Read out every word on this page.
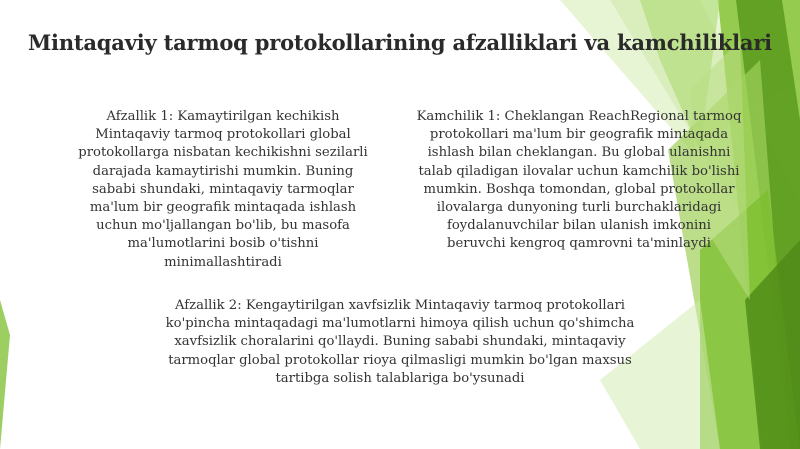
Mintaqaviy tarmoq protokollarining afzalliklari va kamchiliklari
Afzallik 1: Kamaytirilgan kechikish
Mintaqaviy tarmoq protokollari global
protokollarga nisbatan kechikishni sezilarli
darajada kamaytirishi mumkin. Buning
sababi shundaki, mintaqaviy tarmoqlar
ma'lum bir geografik mintaqada ishlash
uchun mo'ljallangan bo'lib, bu masofa
ma'lumotlarini bosib o'tishni
minimallashtiradi
Kamchilik 1: Cheklangan ReachRegional tarmoq
protokollari ma'lum bir geografik mintaqada
ishlash bilan cheklangan. Bu global ulanishni
talab qiladigan ilovalar uchun kamchilik bo'lishi
mumkin. Boshqa tomondan, global protokollar
ilovalarga dunyoning turli burchaklaridagi
foydalanuvchilar bilan ulanish imkonini
beruvchi kengroq qamrovni ta'minlaydi
Afzallik 2: Kengaytirilgan xavfsizlik Mintaqaviy tarmoq protokollari
ko'pincha mintaqadagi ma'lumotlarni himoya qilish uchun qo'shimcha
xavfsizlik choralarini qo'llaydi. Buning sababi shundaki, mintaqaviy
tarmoqlar global protokollar rioya qilmasligi mumkin bo'lgan maxsus
tartibga solish talablariga bo'ysunadi
